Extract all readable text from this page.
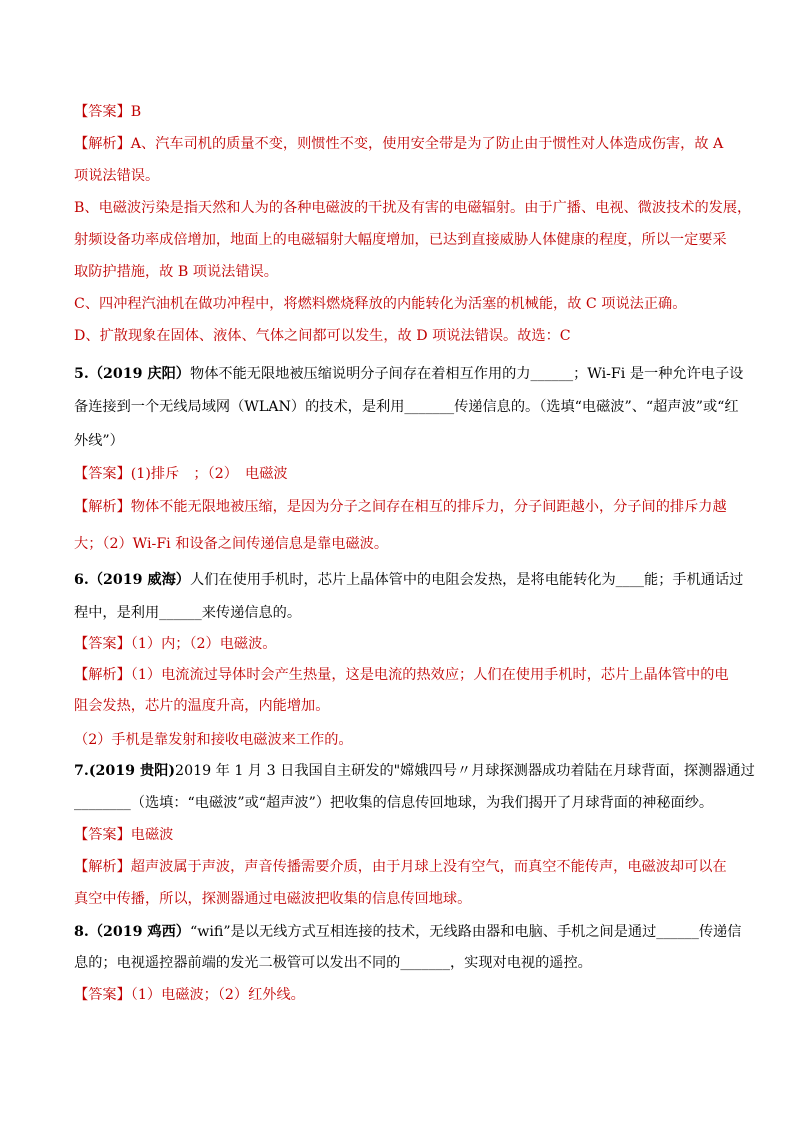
【答案】B
【解析】A、汽车司机的质量不变，则惯性不变，使用安全带是为了防止由于惯性对人体造成伤害，故 A
项说法错误。
B、电磁波污染是指天然和人为的各种电磁波的干扰及有害的电磁辐射。由于广播、电视、微波技术的发展，
射频设备功率成倍增加，地面上的电磁辐射大幅度增加，已达到直接威胁人体健康的程度，所以一定要采
取防护措施，故 B 项说法错误。
C、四冲程汽油机在做功冲程中，将燃料燃烧释放的内能转化为活塞的机械能，故 C 项说法正确。
D、扩散现象在固体、液体、气体之间都可以发生，故 D 项说法错误。故选：C
5.（2019 庆阳）物体不能无限地被压缩说明分子间存在着相互作用的力______；Wi-Fi 是一种允许电子设
备连接到一个无线局域网（WLAN）的技术，是利用_______传递信息的。（选填“电磁波”、“超声波”或“红
外线”）
【答案】(1)排斥　；（2）　电磁波
【解析】物体不能无限地被压缩，是因为分子之间存在相互的排斥力，分子间距越小，分子间的排斥力越
大；（2）Wi-Fi 和设备之间传递信息是靠电磁波。
6.（2019 威海）人们在使用手机时，芯片上晶体管中的电阻会发热，是将电能转化为____能；手机通话过
程中，是利用______来传递信息的。
【答案】（1）内；（2）电磁波。
【解析】（1）电流流过导体时会产生热量，这是电流的热效应；人们在使用手机时，芯片上晶体管中的电
阻会发热，芯片的温度升高，内能增加。
（2）手机是靠发射和接收电磁波来工作的。
7.(2019 贵阳)2019 年 1 月 3 日我国自主研发的"嫦娥四号〃月球探测器成功着陆在月球背面，探测器通过
________（选填：“电磁波”或“超声波”）把收集的信息传回地球，为我们揭开了月球背面的神秘面纱。
【答案】电磁波
【解析】超声波属于声波，声音传播需要介质，由于月球上没有空气，而真空不能传声，电磁波却可以在
真空中传播，所以，探测器通过电磁波把收集的信息传回地球。
8.（2019 鸡西）“wifi”是以无线方式互相连接的技术，无线路由器和电脑、手机之间是通过______传递信
息的；电视遥控器前端的发光二极管可以发出不同的_______，实现对电视的遥控。
【答案】（1）电磁波；（2）红外线。
